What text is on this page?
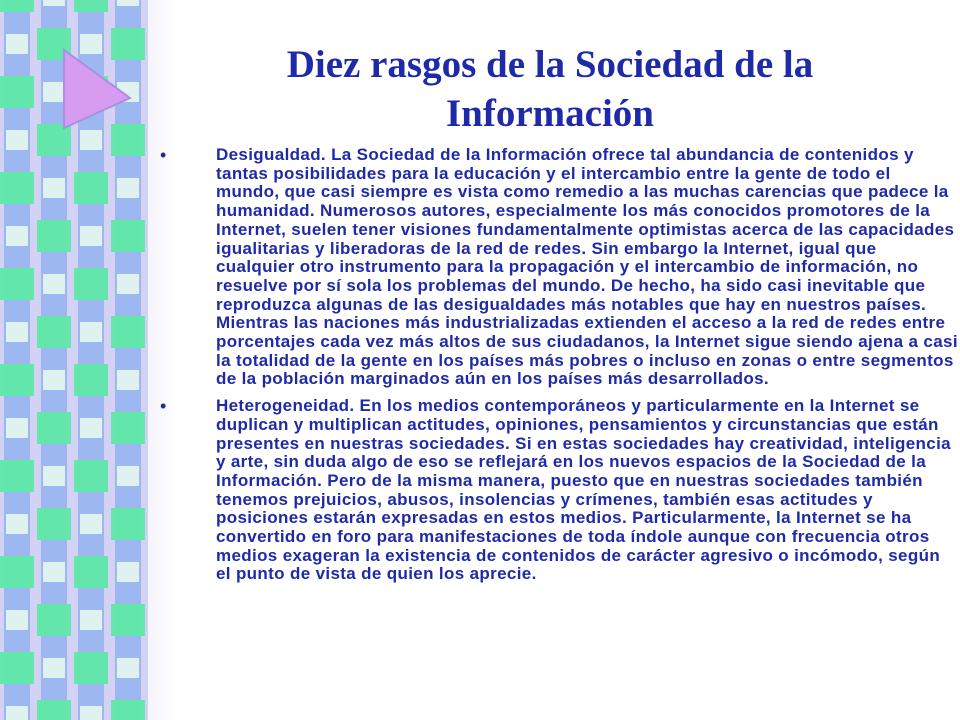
Diez rasgos de la Sociedad de la Información
•	Desigualdad. La Sociedad de la Información ofrece tal abundancia de contenidos y tantas posibilidades para la educación y el intercambio entre la gente de todo el mundo, que casi siempre es vista como remedio a las muchas carencias que padece la humanidad. Numerosos autores, especialmente los más conocidos promotores de la Internet, suelen tener visiones fundamentalmente optimistas acerca de las capacidades igualitarias y liberadoras de la red de redes. Sin embargo la Internet, igual que cualquier otro instrumento para la propagación y el intercambio de información, no resuelve por sí sola los problemas del mundo. De hecho, ha sido casi inevitable que reproduzca algunas de las desigualdades más notables que hay en nuestros países. Mientras las naciones más industrializadas extienden el acceso a la red de redes entre porcentajes cada vez más altos de sus ciudadanos, la Internet sigue siendo ajena a casi la totalidad de la gente en los países más pobres o incluso en zonas o entre segmentos de la población marginados aún en los países más desarrollados.

•	Heterogeneidad. En los medios contemporáneos y particularmente en la Internet se duplican y multiplican actitudes, opiniones, pensamientos y circunstancias que están presentes en nuestras sociedades. Si en estas sociedades hay creatividad, inteligencia y arte, sin duda algo de eso se reflejará en los nuevos espacios de la Sociedad de la Información. Pero de la misma manera, puesto que en nuestras sociedades también tenemos prejuicios, abusos, insolencias y crímenes, también esas actitudes y posiciones estarán expresadas en estos medios. Particularmente, la Internet se ha convertido en foro para manifestaciones de toda índole aunque con frecuencia otros medios exageran la existencia de contenidos de carácter agresivo o incómodo, según el punto de vista de quien los aprecie.
